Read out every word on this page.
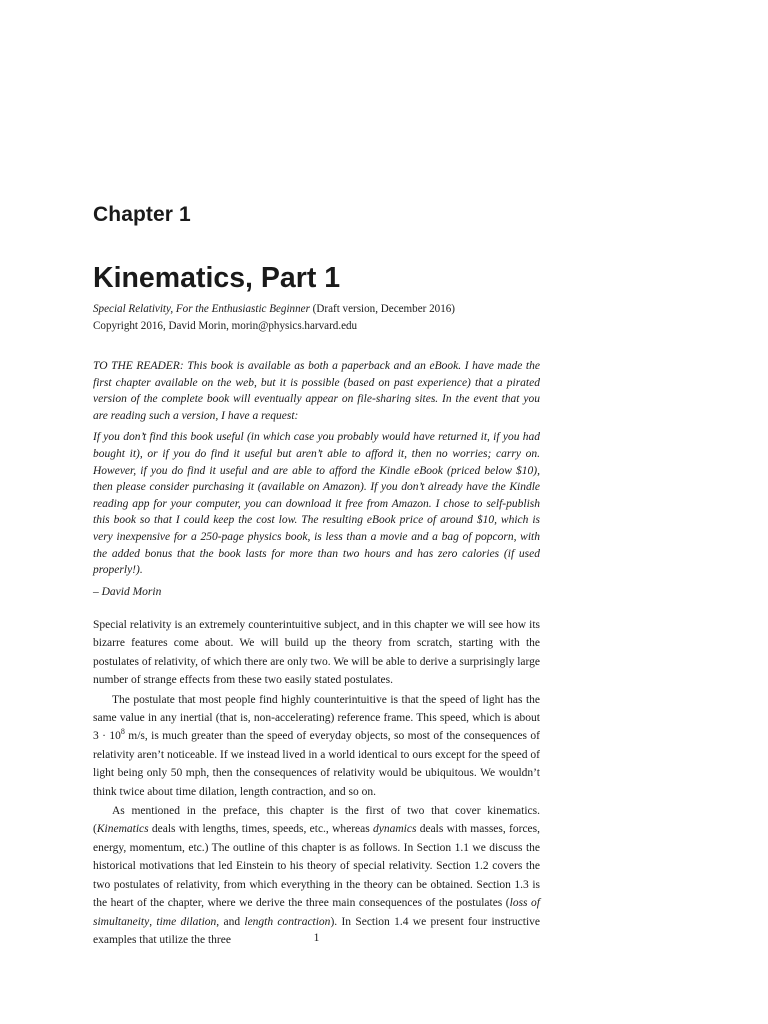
Chapter 1
Kinematics, Part 1
Special Relativity, For the Enthusiastic Beginner (Draft version, December 2016)
Copyright 2016, David Morin, morin@physics.harvard.edu

TO THE READER: This book is available as both a paperback and an eBook. I have made the first chapter available on the web, but it is possible (based on past experience) that a pirated version of the complete book will eventually appear on file-sharing sites. In the event that you are reading such a version, I have a request:

If you don’t find this book useful (in which case you probably would have returned it, if you had bought it), or if you do find it useful but aren’t able to afford it, then no worries; carry on. However, if you do find it useful and are able to afford the Kindle eBook (priced below $10), then please consider purchasing it (available on Amazon). If you don’t already have the Kindle reading app for your computer, you can download it free from Amazon. I chose to self-publish this book so that I could keep the cost low. The resulting eBook price of around $10, which is very inexpensive for a 250-page physics book, is less than a movie and a bag of popcorn, with the added bonus that the book lasts for more than two hours and has zero calories (if used properly!).

– David Morin

Special relativity is an extremely counterintuitive subject, and in this chapter we will see how its bizarre features come about. We will build up the theory from scratch, starting with the postulates of relativity, of which there are only two. We will be able to derive a surprisingly large number of strange effects from these two easily stated postulates.

The postulate that most people find highly counterintuitive is that the speed of light has the same value in any inertial (that is, non-accelerating) reference frame. This speed, which is about $3 \cdot 10^8$ m/s, is much greater than the speed of everyday objects, so most of the consequences of relativity aren’t noticeable. If we instead lived in a world identical to ours except for the speed of light being only 50 mph, then the consequences of relativity would be ubiquitous. We wouldn’t think twice about time dilation, length contraction, and so on.

As mentioned in the preface, this chapter is the first of two that cover kinematics. (Kinematics deals with lengths, times, speeds, etc., whereas dynamics deals with masses, forces, energy, momentum, etc.) The outline of this chapter is as follows. In Section 1.1 we discuss the historical motivations that led Einstein to his theory of special relativity. Section 1.2 covers the two postulates of relativity, from which everything in the theory can be obtained. Section 1.3 is the heart of the chapter, where we derive the three main consequences of the postulates (loss of simultaneity, time dilation, and length contraction). In Section 1.4 we present four instructive examples that utilize the three	1
